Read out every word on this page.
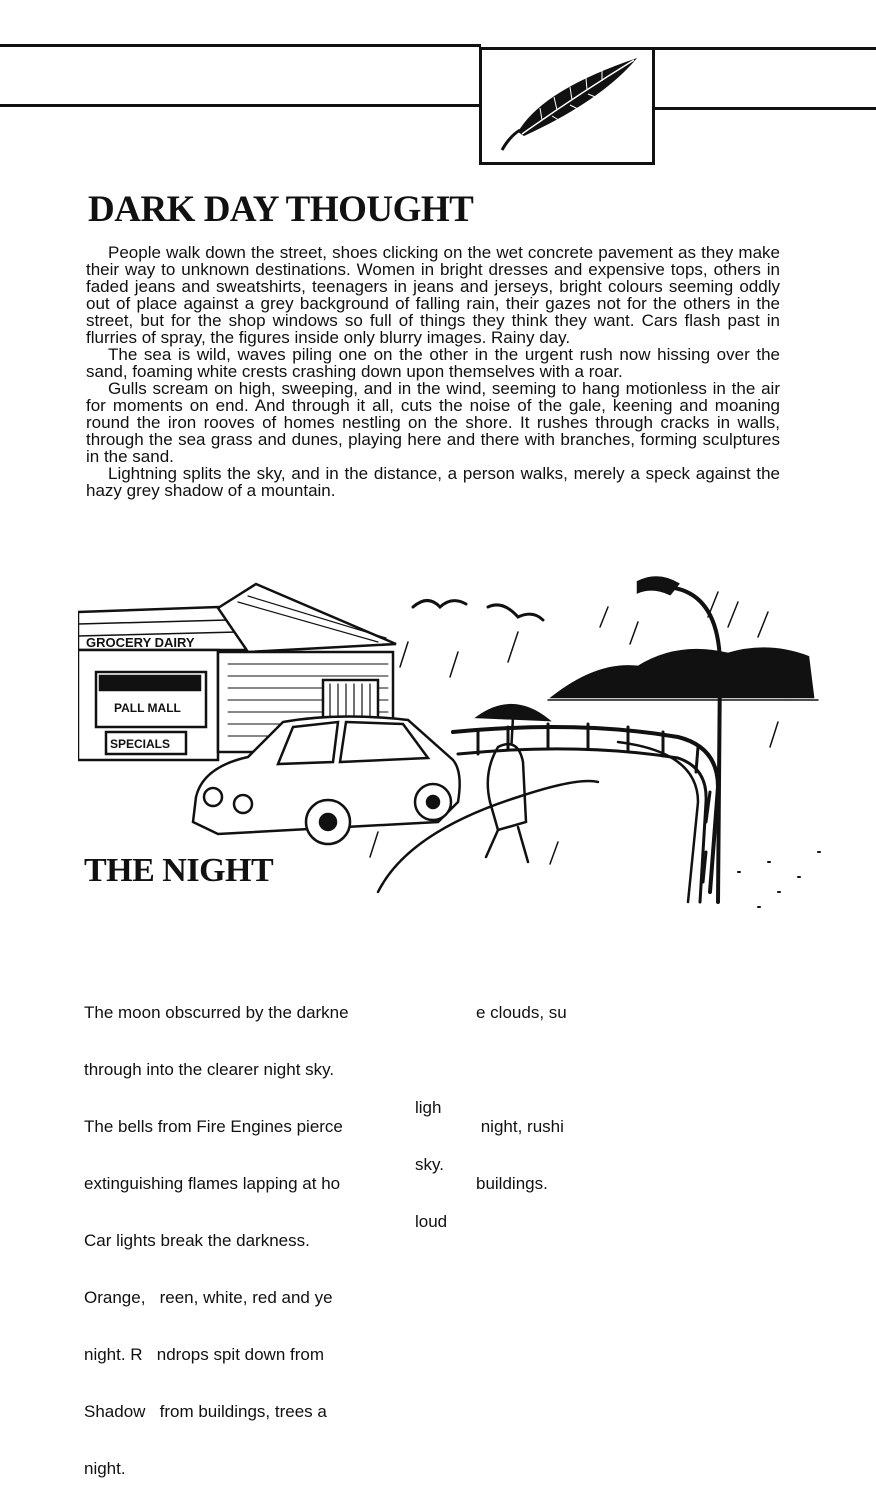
DARK DAY THOUGHT

People walk down the street, shoes clicking on the wet concrete pavement as they make their way to unknown destinations. Women in bright dresses and expensive tops, others in faded jeans and sweatshirts, teenagers in jeans and jerseys, bright colours seeming oddly out of place against a grey background of falling rain, their gazes not for the others in the street, but for the shop windows so full of things they think they want. Cars flash past in flurries of spray, the figures inside only blurry images. Rainy day.

The sea is wild, waves piling one on the other in the urgent rush now hissing over the sand, foaming white crests crashing down upon themselves with a roar.

Gulls scream on high, sweeping, and in the wind, seeming to hang motionless in the air for moments on end. And through it all, cuts the noise of the gale, keening and moaning round the iron rooves of homes nestling on the shore. It rushes through cracks in walls, through the sea grass and dunes, playing here and there with branches, forming sculptures in the sand.

Lightning splits the sky, and in the distance, a person walks, merely a speck against the hazy grey shadow of a mountain.

GROCERY DAIRY
PALL MALL
SPECIALS
THE NIGHT

The moon obscurred by the darkne

through into the clearer night sky.

The bells from Fire Engines pierce

extinguishing flames lapping at ho

Car lights break the darkness.

Orange,   reen, white, red and ye

night. R   ndrops spit down from

Shadow   from buildings, trees a

night.

ligh

sky.

loud

e clouds, su

night, rushi

buildings.
